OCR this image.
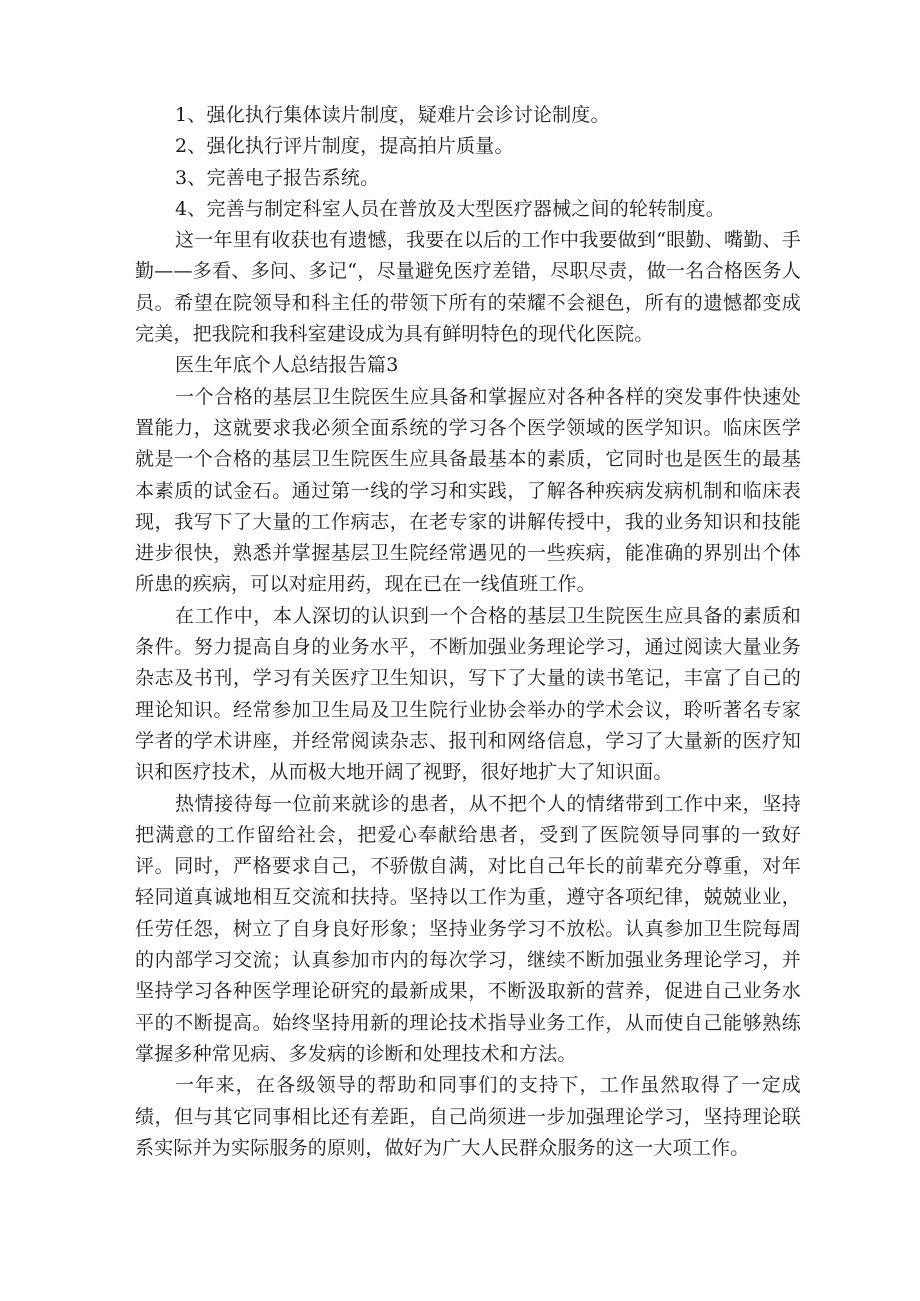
1、强化执行集体读片制度，疑难片会诊讨论制度。

2、强化执行评片制度，提高拍片质量。

3、完善电子报告系统。

4、完善与制定科室人员在普放及大型医疗器械之间的轮转制度。

这一年里有收获也有遗憾，我要在以后的工作中我要做到“眼勤、嘴勤、手勤——多看、多问、多记“，尽量避免医疗差错，尽职尽责，做一名合格医务人员。希望在院领导和科主任的带领下所有的荣耀不会褪色，所有的遗憾都变成完美，把我院和我科室建设成为具有鲜明特色的现代化医院。

医生年底个人总结报告篇3

一个合格的基层卫生院医生应具备和掌握应对各种各样的突发事件快速处置能力，这就要求我必须全面系统的学习各个医学领域的医学知识。临床医学就是一个合格的基层卫生院医生应具备最基本的素质，它同时也是医生的最基本素质的试金石。通过第一线的学习和实践，了解各种疾病发病机制和临床表现，我写下了大量的工作病志，在老专家的讲解传授中，我的业务知识和技能进步很快，熟悉并掌握基层卫生院经常遇见的一些疾病，能准确的界别出个体所患的疾病，可以对症用药，现在已在一线值班工作。

在工作中，本人深切的认识到一个合格的基层卫生院医生应具备的素质和条件。努力提高自身的业务水平，不断加强业务理论学习，通过阅读大量业务杂志及书刊，学习有关医疗卫生知识，写下了大量的读书笔记，丰富了自己的理论知识。经常参加卫生局及卫生院行业协会举办的学术会议，聆听著名专家学者的学术讲座，并经常阅读杂志、报刊和网络信息，学习了大量新的医疗知识和医疗技术，从而极大地开阔了视野，很好地扩大了知识面。

热情接待每一位前来就诊的患者，从不把个人的情绪带到工作中来，坚持把满意的工作留给社会，把爱心奉献给患者，受到了医院领导同事的一致好评。同时，严格要求自己，不骄傲自满，对比自己年长的前辈充分尊重，对年轻同道真诚地相互交流和扶持。坚持以工作为重，遵守各项纪律，兢兢业业，任劳任怨，树立了自身良好形象；坚持业务学习不放松。认真参加卫生院每周的内部学习交流；认真参加市内的每次学习，继续不断加强业务理论学习，并坚持学习各种医学理论研究的最新成果，不断汲取新的营养，促进自己业务水平的不断提高。始终坚持用新的理论技术指导业务工作，从而使自己能够熟练掌握多种常见病、多发病的诊断和处理技术和方法。

一年来，在各级领导的帮助和同事们的支持下，工作虽然取得了一定成绩，但与其它同事相比还有差距，自己尚须进一步加强理论学习，坚持理论联系实际并为实际服务的原则，做好为广大人民群众服务的这一大项工作。
